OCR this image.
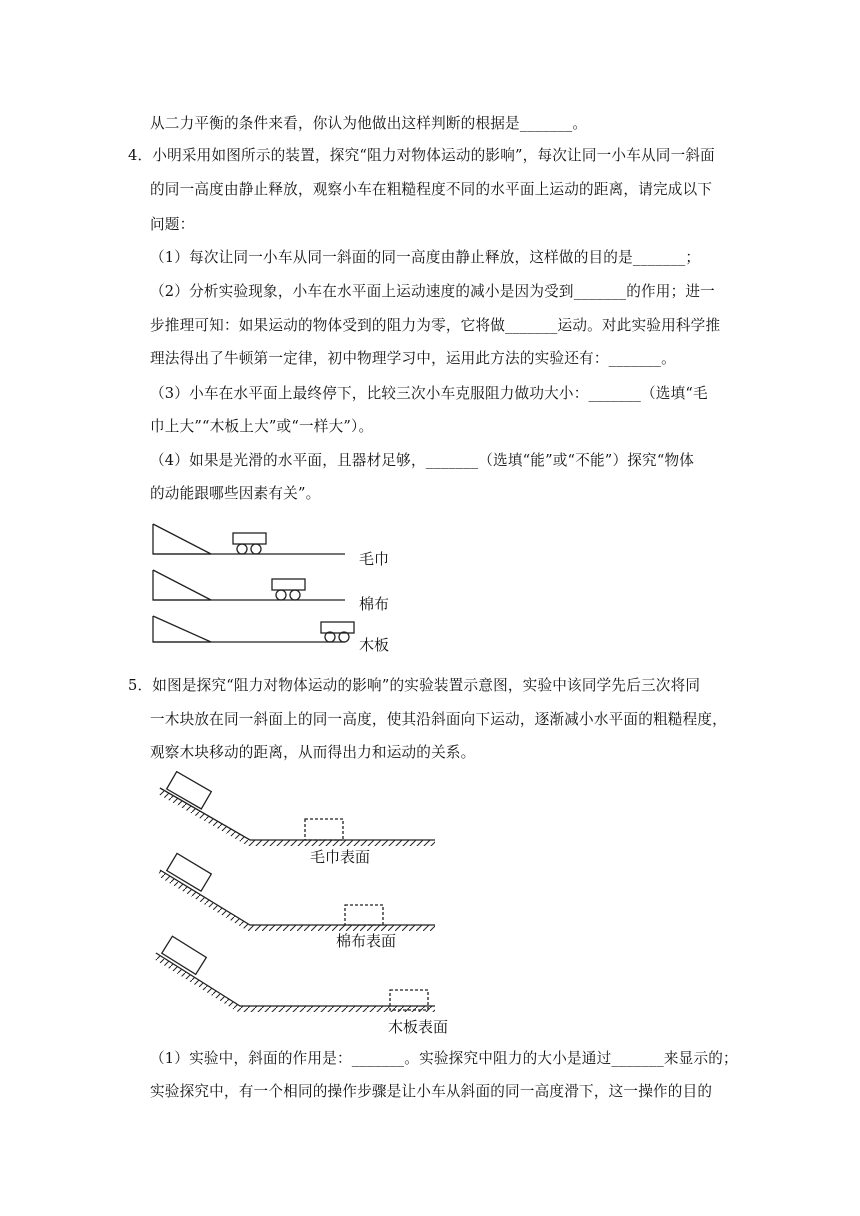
从二力平衡的条件来看，你认为他做出这样判断的根据是_______。
4．小明采用如图所示的装置，探究“阻力对物体运动的影响”，每次让同一小车从同一斜面
的同一高度由静止释放，观察小车在粗糙程度不同的水平面上运动的距离，请完成以下
问题：
（1）每次让同一小车从同一斜面的同一高度由静止释放，这样做的目的是_______；
（2）分析实验现象，小车在水平面上运动速度的减小是因为受到_______的作用；进一
步推理可知：如果运动的物体受到的阻力为零，它将做_______运动。对此实验用科学推
理法得出了牛顿第一定律，初中物理学习中，运用此方法的实验还有：_______。
（3）小车在水平面上最终停下，比较三次小车克服阻力做功大小：_______（选填“毛
巾上大”“木板上大”或“一样大”）。
（4）如果是光滑的水平面，且器材足够，_______（选填“能”或“不能”）探究“物体
的动能跟哪些因素有关”。
毛巾
棉布
木板
5．如图是探究“阻力对物体运动的影响”的实验装置示意图，实验中该同学先后三次将同
一木块放在同一斜面上的同一高度，使其沿斜面向下运动，逐渐减小水平面的粗糙程度，
观察木块移动的距离，从而得出力和运动的关系。
毛巾表面
棉布表面
木板表面
（1）实验中，斜面的作用是：_______。实验探究中阻力的大小是通过_______来显示的；
实验探究中，有一个相同的操作步骤是让小车从斜面的同一高度滑下，这一操作的目的
